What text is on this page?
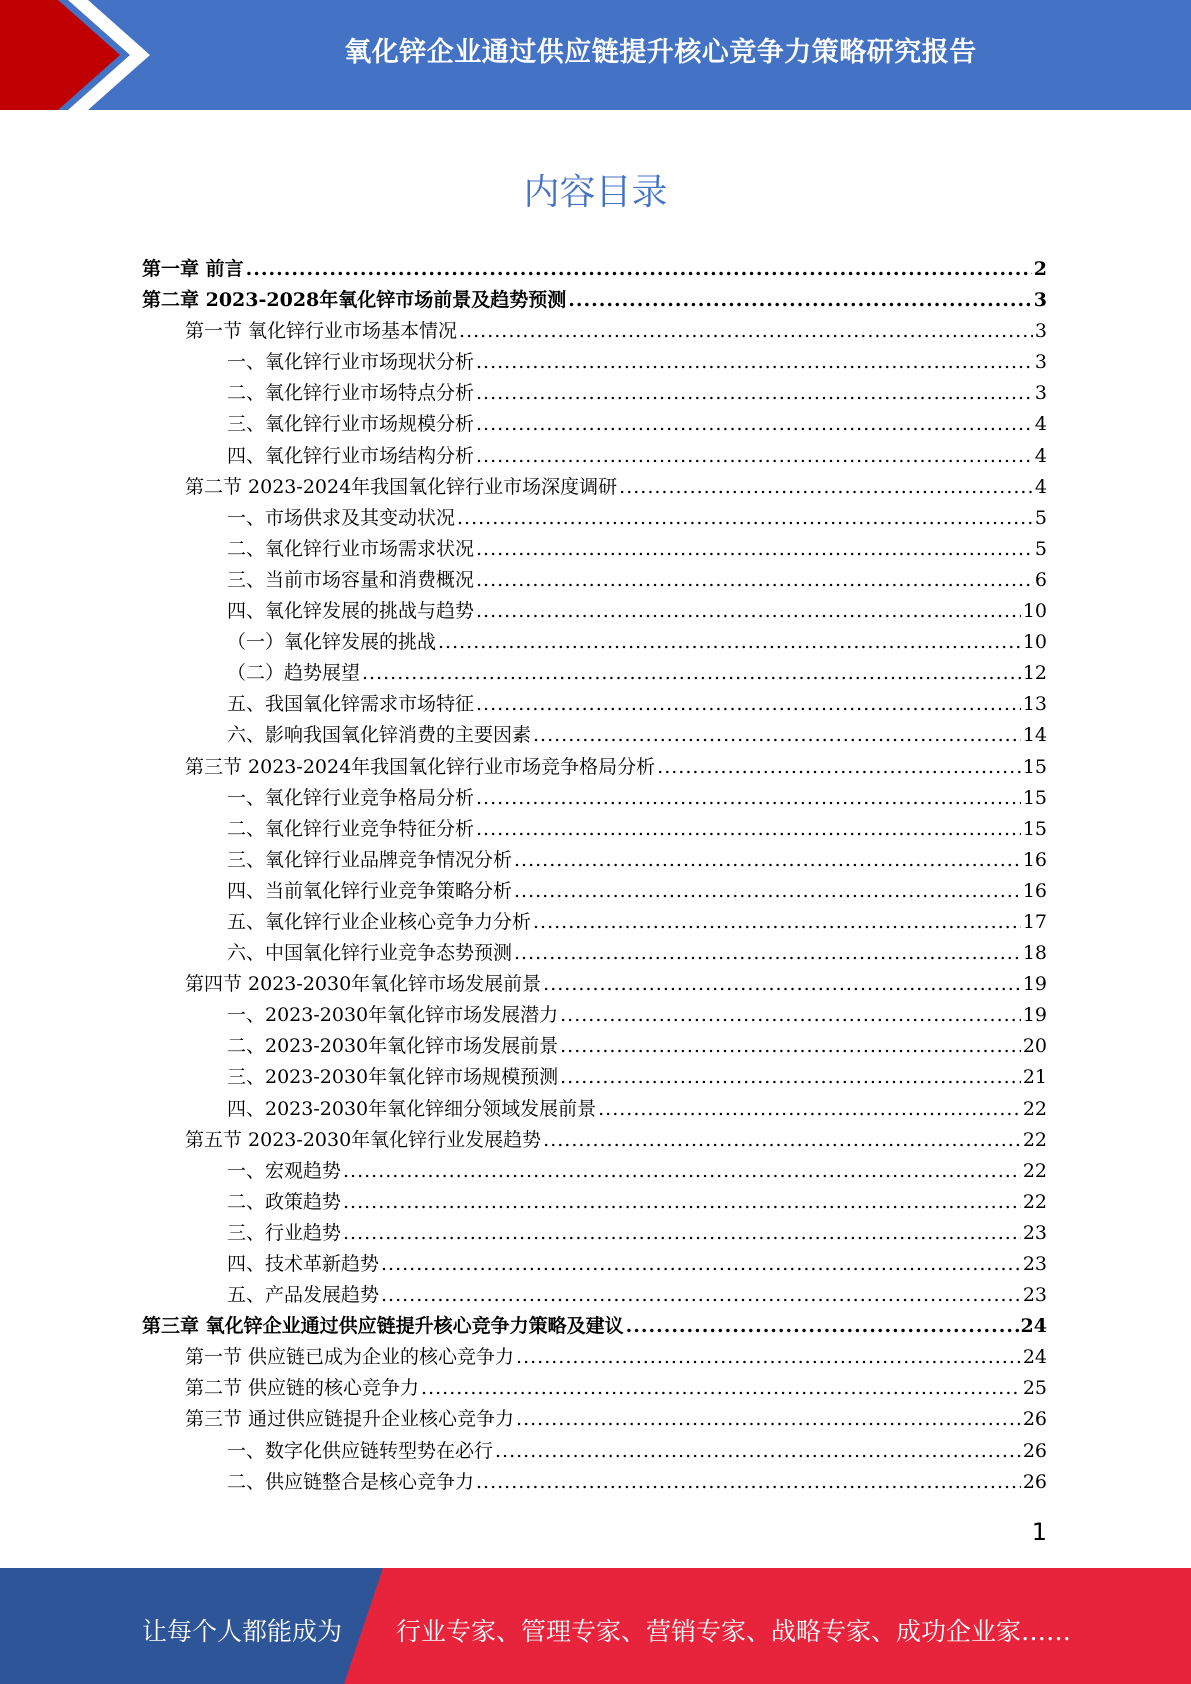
氧化锌企业通过供应链提升核心竞争力策略研究报告
内容目录
第一章 前言 .....	2
第二章 2023-2028年氧化锌市场前景及趋势预测 .....	3
第一节 氧化锌行业市场基本情况 .....	3
一、氧化锌行业市场现状分析 .....	3
二、氧化锌行业市场特点分析 .....	3
三、氧化锌行业市场规模分析 .....	4
四、氧化锌行业市场结构分析 .....	4
第二节 2023-2024年我国氧化锌行业市场深度调研 .....	4
一、市场供求及其变动状况 .....	5
二、氧化锌行业市场需求状况 .....	5
三、当前市场容量和消费概况 .....	6
四、氧化锌发展的挑战与趋势 .....	10
（一）氧化锌发展的挑战 .....	10
（二）趋势展望 .....	12
五、我国氧化锌需求市场特征 .....	13
六、影响我国氧化锌消费的主要因素 .....	14
第三节 2023-2024年我国氧化锌行业市场竞争格局分析 .....	15
一、氧化锌行业竞争格局分析 .....	15
二、氧化锌行业竞争特征分析 .....	15
三、氧化锌行业品牌竞争情况分析 .....	16
四、当前氧化锌行业竞争策略分析 .....	16
五、氧化锌行业企业核心竞争力分析 .....	17
六、中国氧化锌行业竞争态势预测 .....	18
第四节 2023-2030年氧化锌市场发展前景 .....	19
一、2023-2030年氧化锌市场发展潜力 .....	19
二、2023-2030年氧化锌市场发展前景 .....	20
三、2023-2030年氧化锌市场规模预测 .....	21
四、2023-2030年氧化锌细分领域发展前景 .....	22
第五节 2023-2030年氧化锌行业发展趋势 .....	22
一、宏观趋势 .....	22
二、政策趋势 .....	22
三、行业趋势 .....	23
四、技术革新趋势 .....	23
五、产品发展趋势 .....	23
第三章 氧化锌企业通过供应链提升核心竞争力策略及建议 .....	24
第一节 供应链已成为企业的核心竞争力 .....	24
第二节 供应链的核心竞争力 .....	25
第三节 通过供应链提升企业核心竞争力 .....	26
一、数字化供应链转型势在必行 .....	26
二、供应链整合是核心竞争力 .....	26
1
让每个人都能成为 行业专家、管理专家、营销专家、战略专家、成功企业家……
